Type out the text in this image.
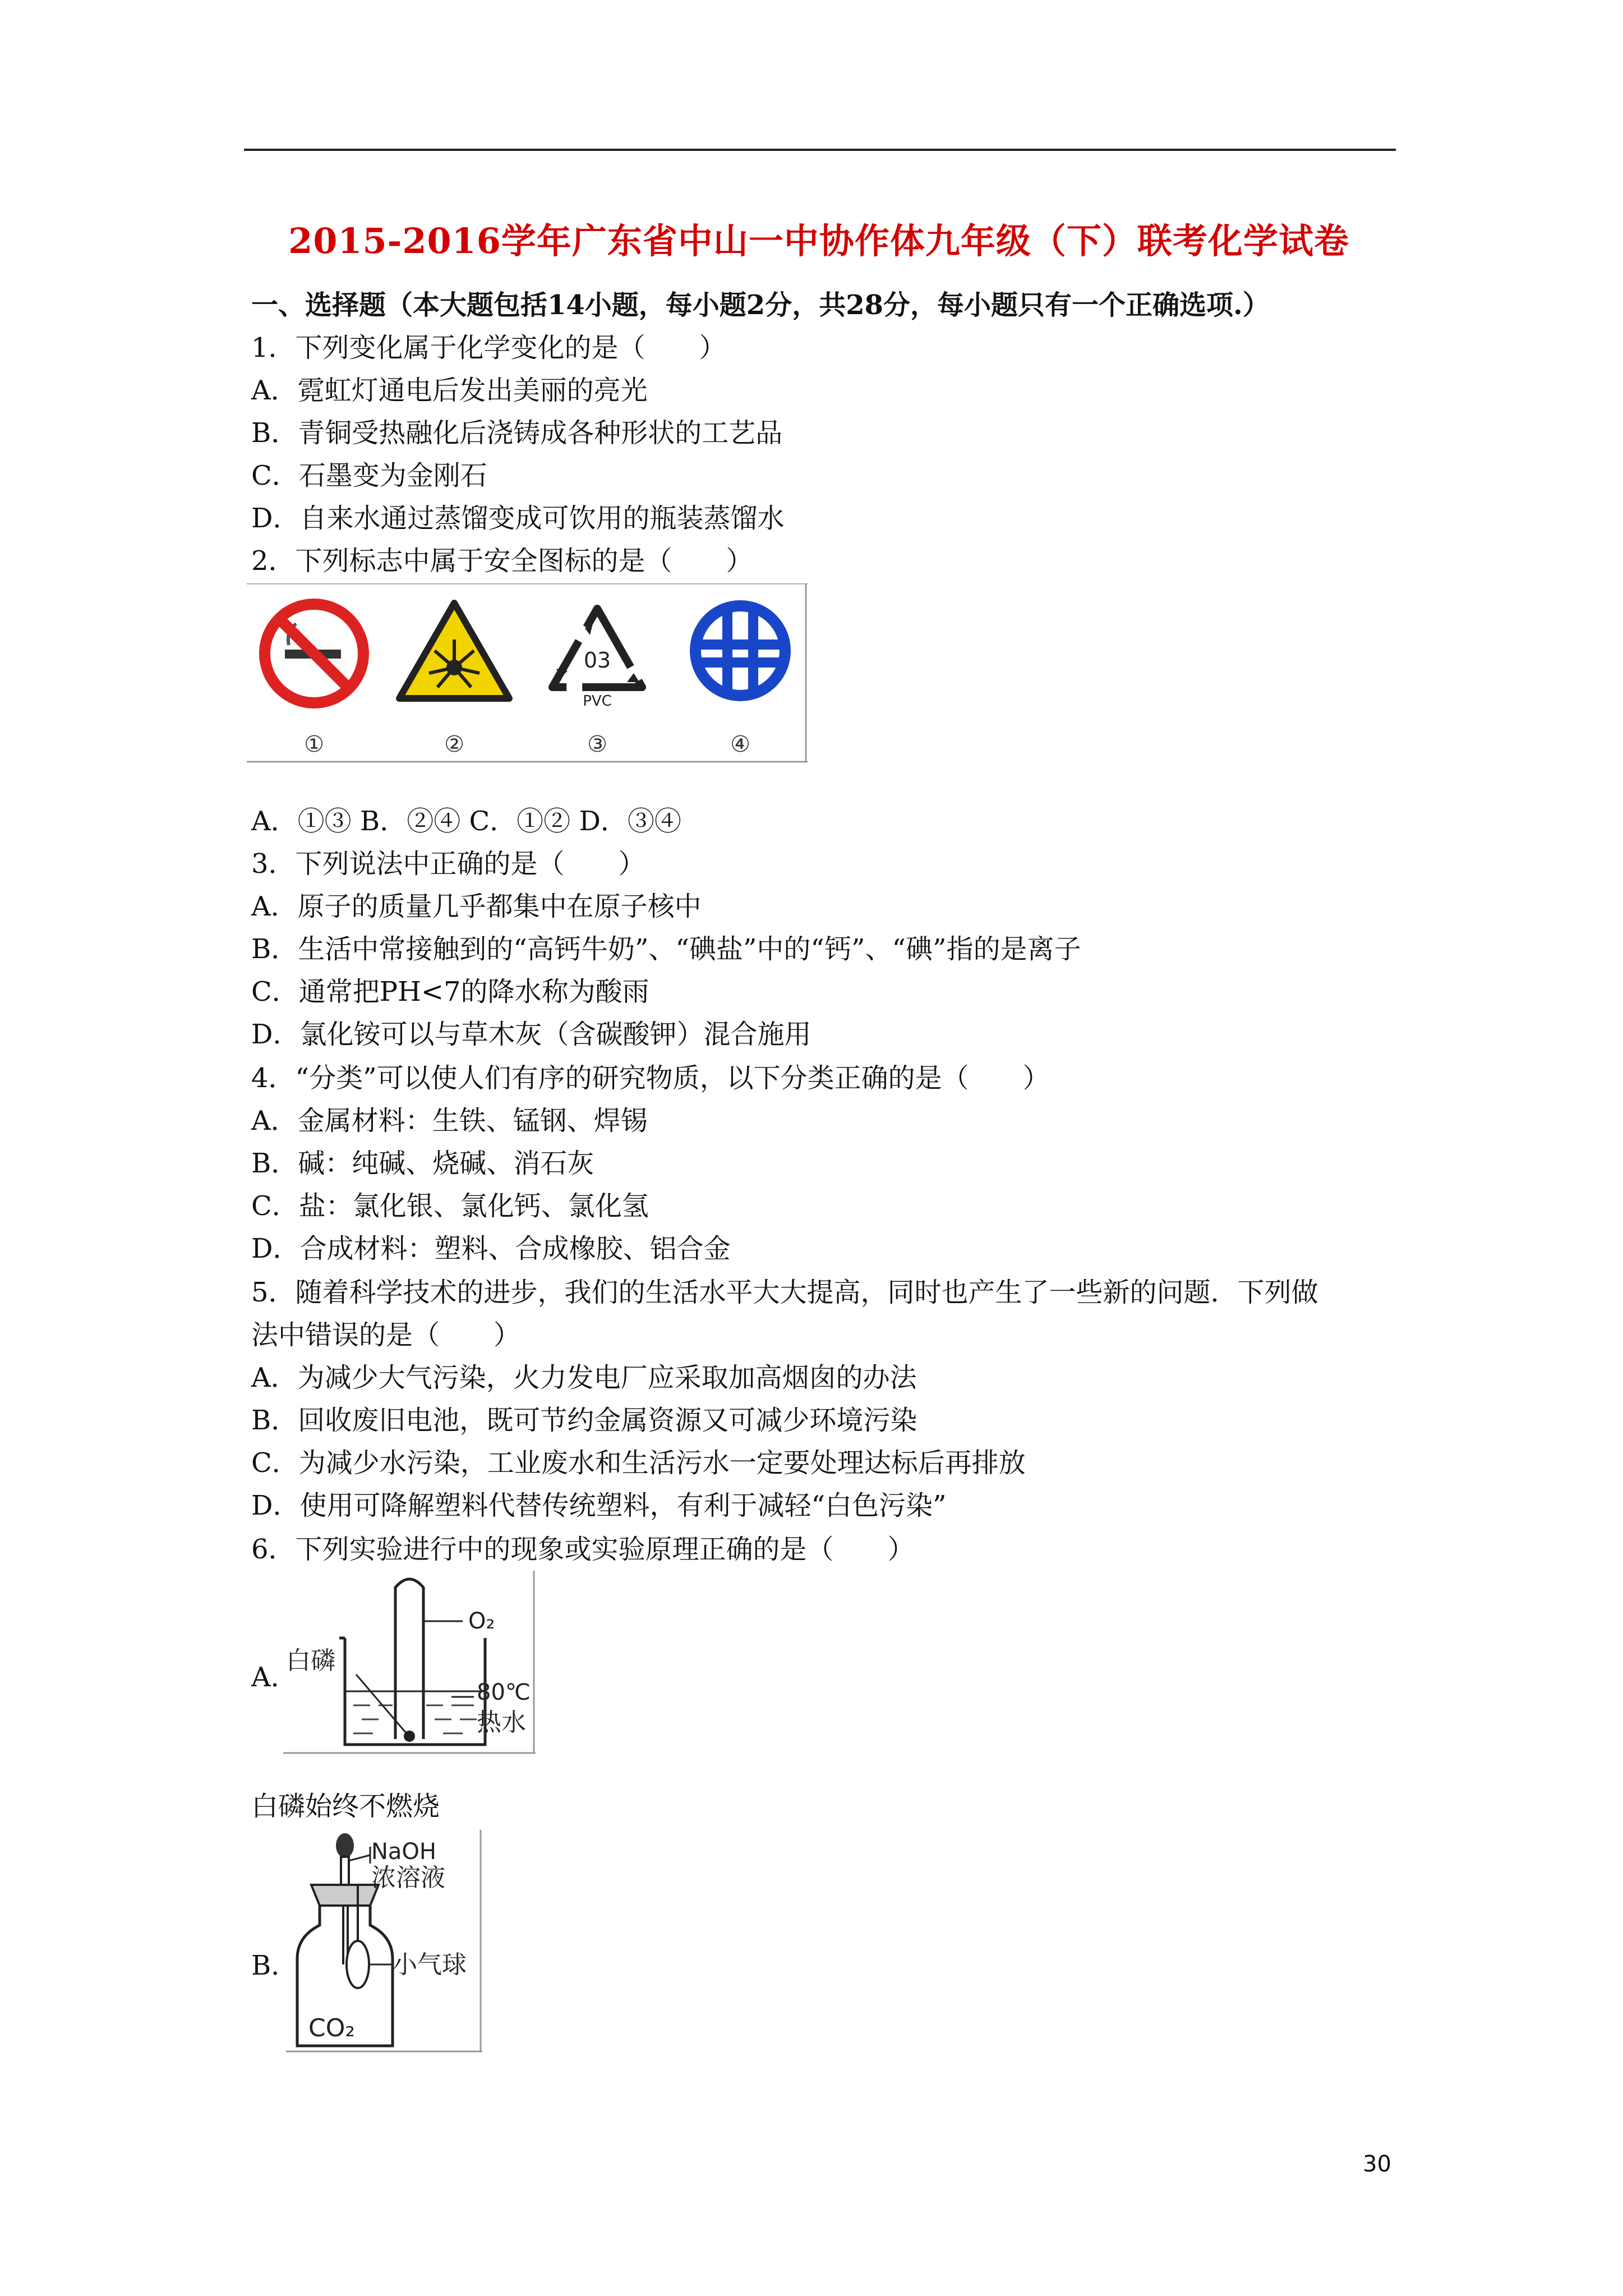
2015-2016学年广东省中山一中协作体九年级（下）联考化学试卷
一、选择题（本大题包括14小题，每小题2分，共28分，每小题只有一个正确选项.）
1．下列变化属于化学变化的是（　　）
A．霓虹灯通电后发出美丽的亮光
B．青铜受热融化后浇铸成各种形状的工艺品
C．石墨变为金刚石
D．自来水通过蒸馏变成可饮用的瓶装蒸馏水
2．下列标志中属于安全图标的是（　　）
03
PVC
①	②	③	④
A．①③ B．②④ C．①② D．③④
3．下列说法中正确的是（　　）
A．原子的质量几乎都集中在原子核中
B．生活中常接触到的“高钙牛奶”、“碘盐”中的“钙”、“碘”指的是离子
C．通常把PH<7的降水称为酸雨
D．氯化铵可以与草木灰（含碳酸钾）混合施用
4．“分类”可以使人们有序的研究物质，以下分类正确的是（　　）
A．金属材料：生铁、锰钢、焊锡
B．碱：纯碱、烧碱、消石灰
C．盐：氯化银、氯化钙、氯化氢
D．合成材料：塑料、合成橡胶、铝合金
5．随着科学技术的进步，我们的生活水平大大提高，同时也产生了一些新的问题．下列做
法中错误的是（　　）
A．为减少大气污染，火力发电厂应采取加高烟囱的办法
B．回收废旧电池，既可节约金属资源又可减少环境污染
C．为减少水污染，工业废水和生活污水一定要处理达标后再排放
D．使用可降解塑料代替传统塑料，有利于减轻“白色污染”
6．下列实验进行中的现象或实验原理正确的是（　　）
A．
O₂
白磷
80℃
热水
白磷始终不燃烧
B．
NaOH
浓溶液
小气球
CO₂
30
